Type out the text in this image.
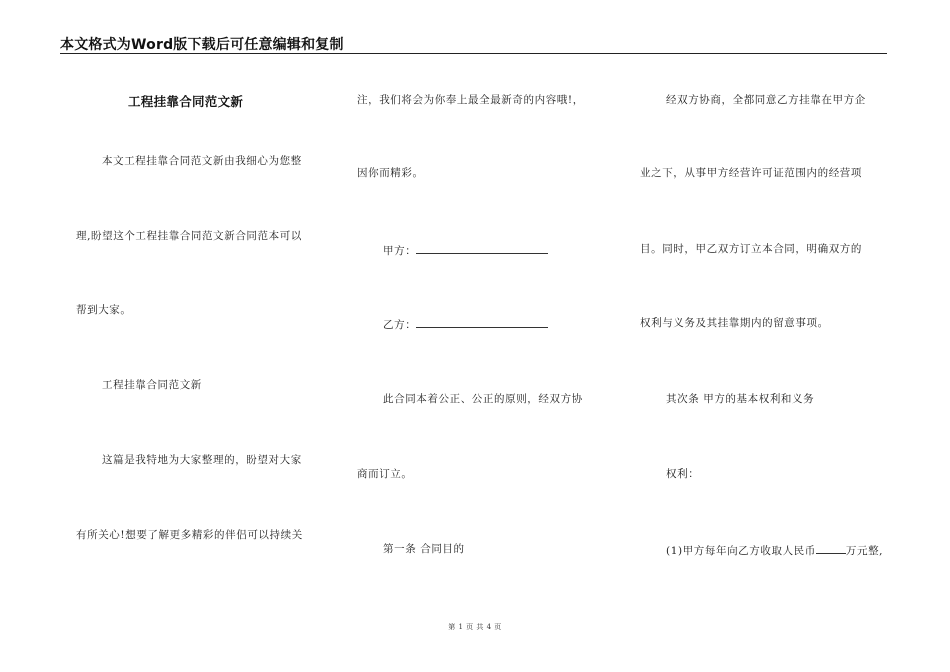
本文格式为Word版下载后可任意编辑和复制
工程挂靠合同范文新
本文工程挂靠合同范文新由我细心为您整
理,盼望这个工程挂靠合同范文新合同范本可以
帮到大家。
工程挂靠合同范文新
这篇是我特地为大家整理的，盼望对大家
有所关心!想要了解更多精彩的伴侣可以持续关
注，我们将会为你奉上最全最新奇的内容哦!，
因你而精彩。
甲方：
乙方：
此合同本着公正、公正的原则，经双方协
商而订立。
第一条 合同目的
经双方协商，全都同意乙方挂靠在甲方企
业之下，从事甲方经营许可证范围内的经营项
目。同时，甲乙双方订立本合同，明确双方的
权利与义务及其挂靠期内的留意事项。
其次条 甲方的基本权利和义务
权利：
(1)甲方每年向乙方收取人民币	万元整,
第 1 页 共 4 页
